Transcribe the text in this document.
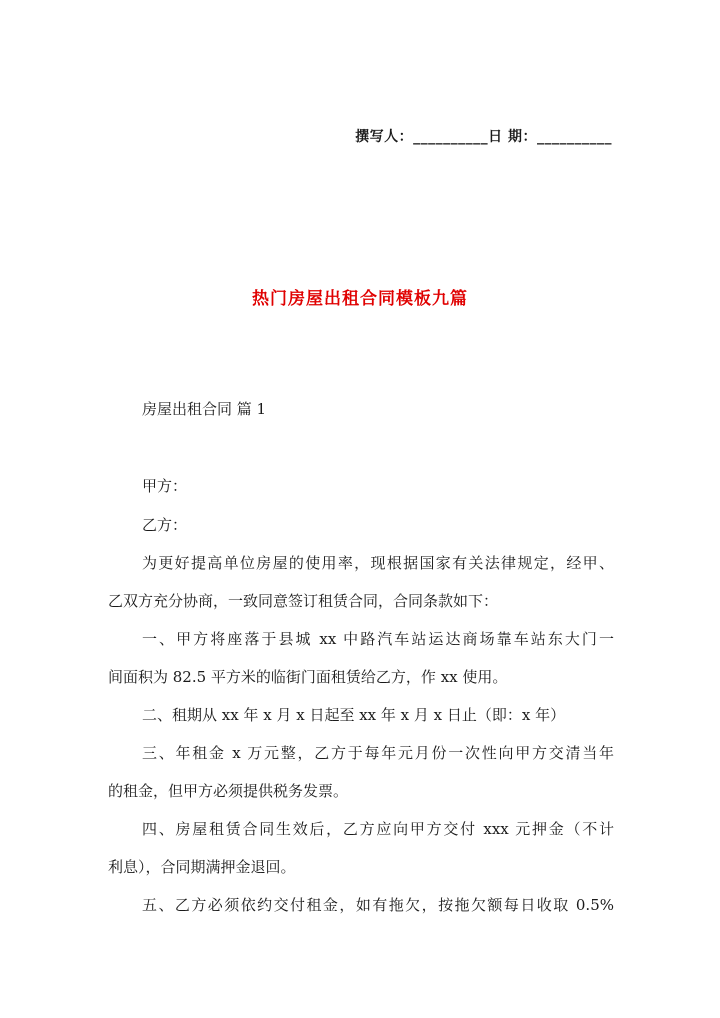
撰写人：__________日 期：__________
热门房屋出租合同模板九篇
房屋出租合同 篇 1
甲方：
乙方：
为更好提高单位房屋的使用率，现根据国家有关法律规定，经甲、
乙双方充分协商，一致同意签订租赁合同，合同条款如下：
一、甲方将座落于县城 xx 中路汽车站运达商场靠车站东大门一
间面积为 82.5 平方米的临街门面租赁给乙方，作 xx 使用。
二、租期从 xx 年 x 月 x 日起至 xx 年 x 月 x 日止（即：x 年）
三、年租金 x 万元整，乙方于每年元月份一次性向甲方交清当年
的租金，但甲方必须提供税务发票。
四、房屋租赁合同生效后，乙方应向甲方交付 xxx 元押金（不计
利息），合同期满押金退回。
五、乙方必须依约交付租金，如有拖欠，按拖欠额每日收取 0.5%
